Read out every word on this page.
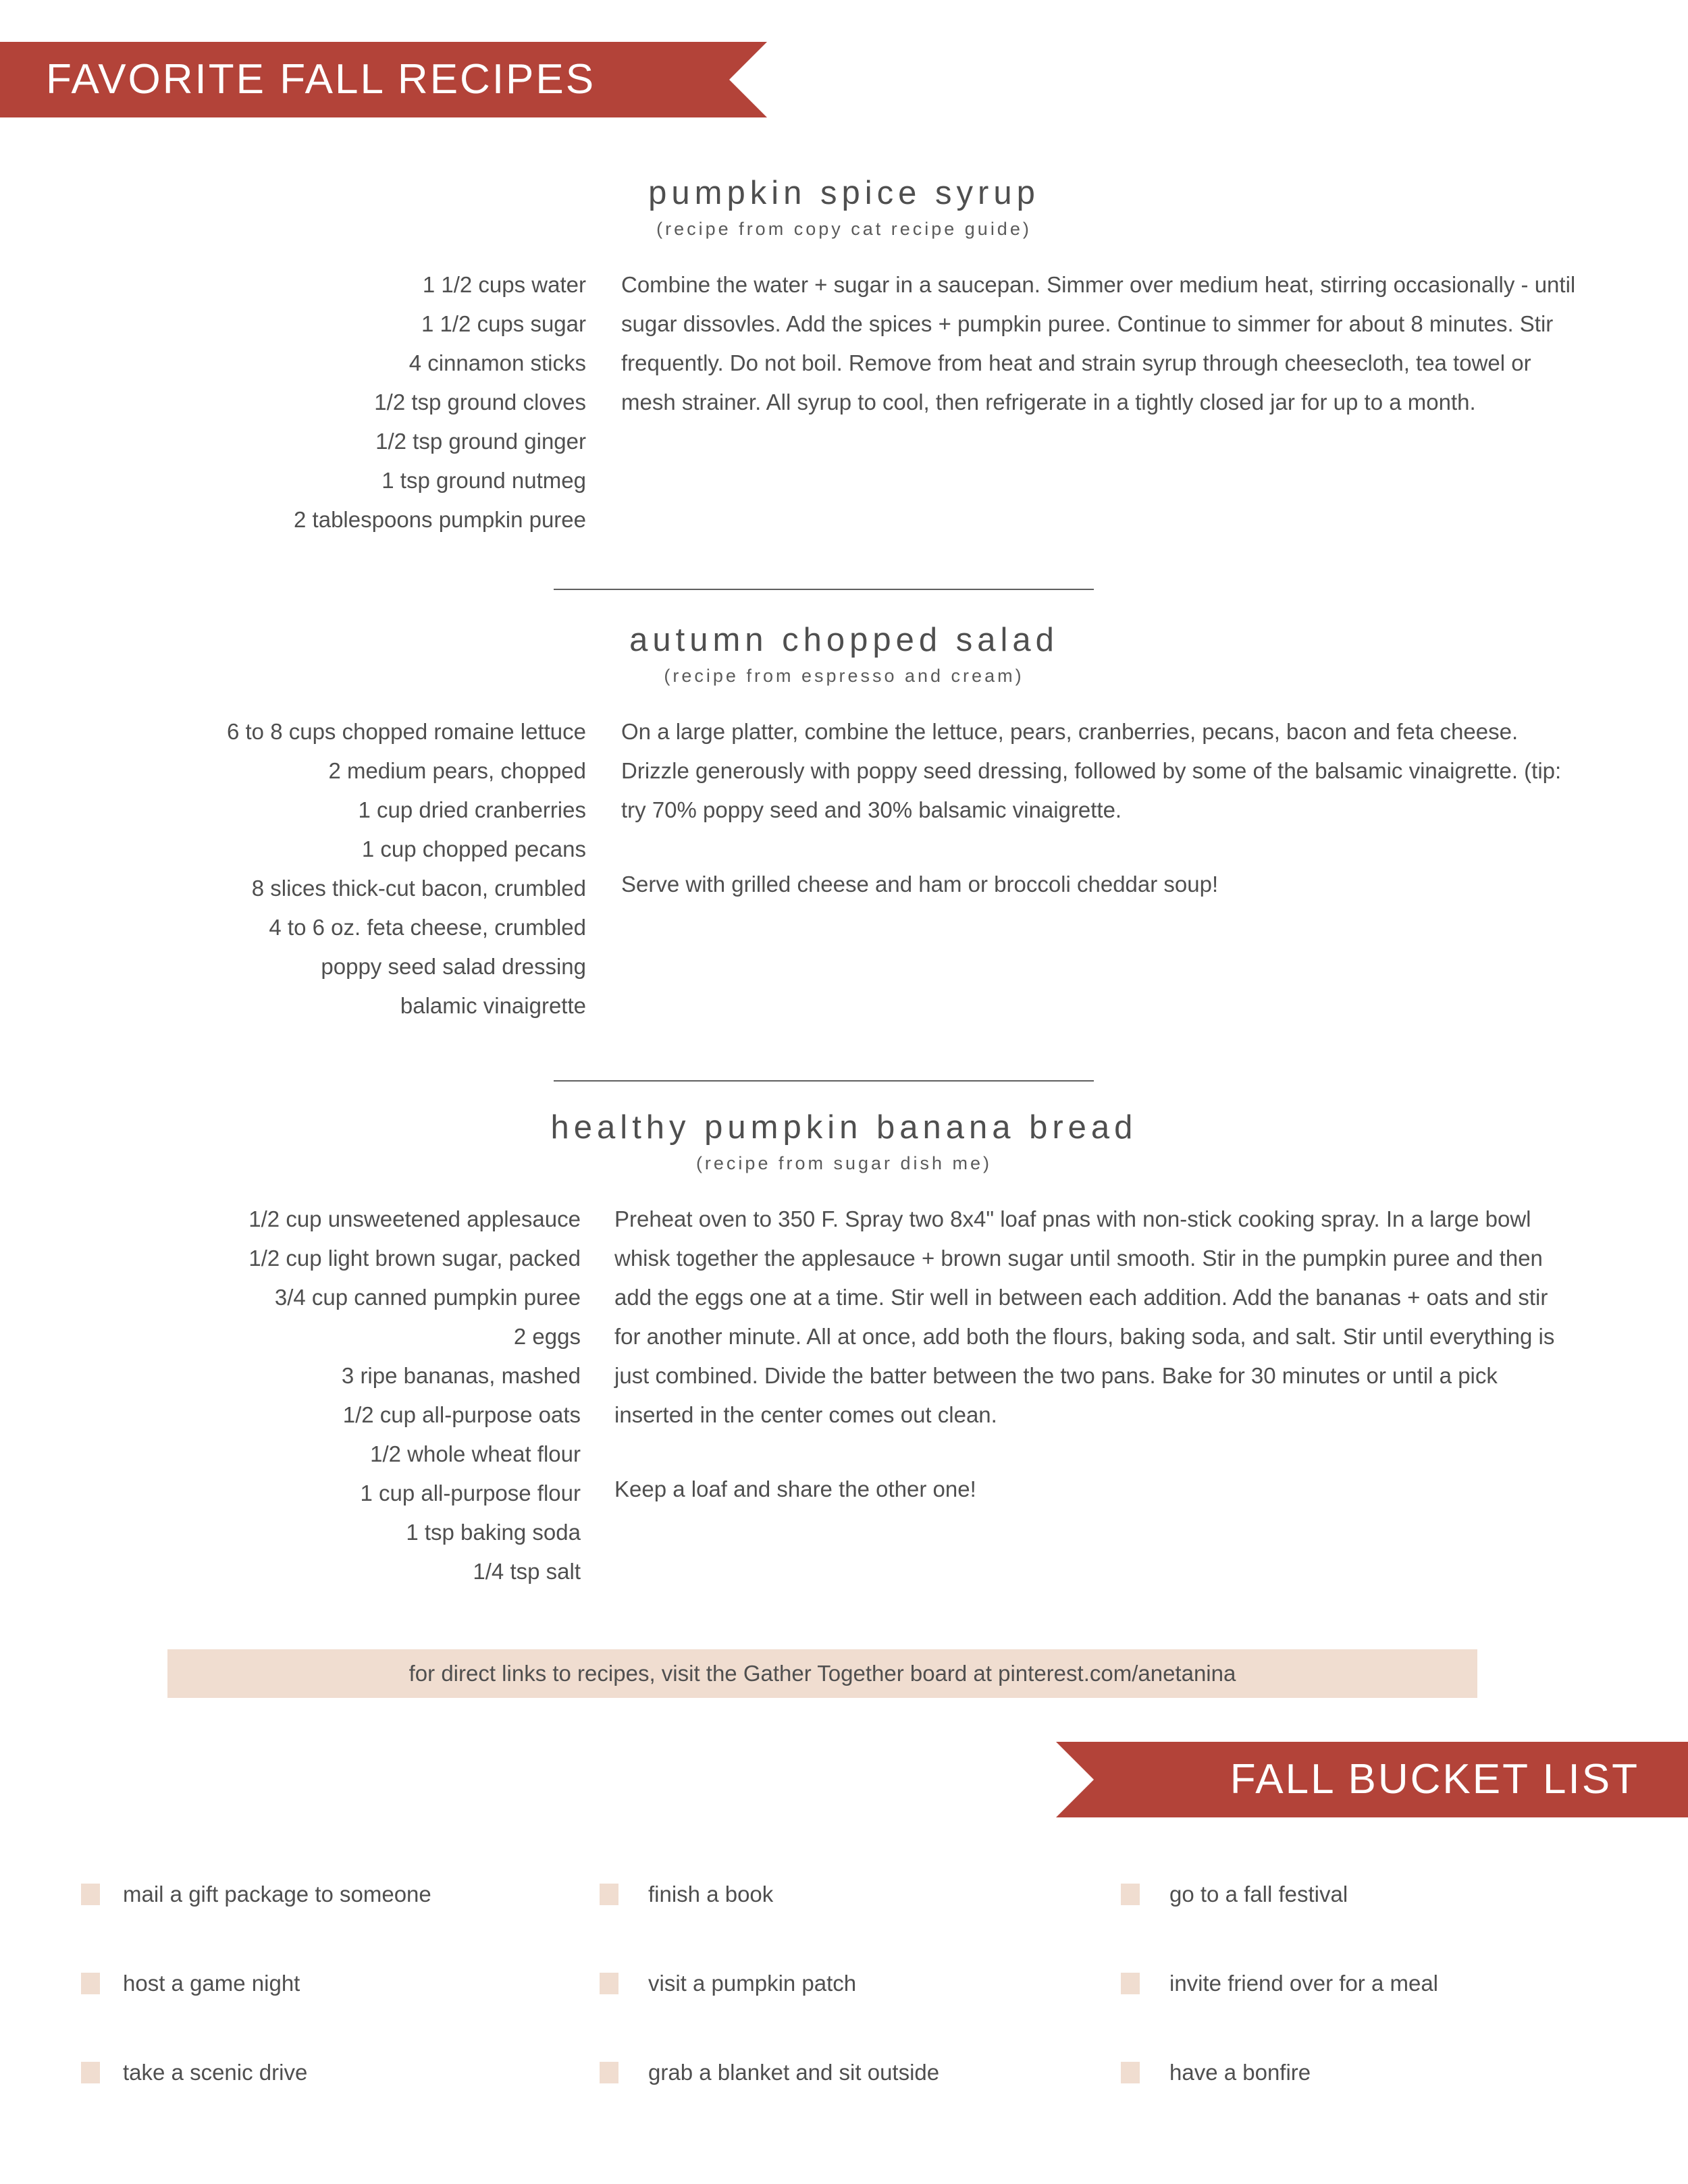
FAVORITE FALL RECIPES
pumpkin spice syrup
(recipe from copy cat recipe guide)
1 1/2 cups water
1 1/2 cups sugar
4 cinnamon sticks
1/2 tsp ground cloves
1/2 tsp ground ginger
1 tsp ground nutmeg
2 tablespoons pumpkin puree

Combine the water + sugar in a saucepan. Simmer over medium heat, stirring occasionally - until sugar dissovles. Add the spices + pumpkin puree. Continue to simmer for about 8 minutes. Stir frequently. Do not boil. Remove from heat and strain syrup through cheesecloth, tea towel or mesh strainer. All syrup to cool, then refrigerate in a tightly closed jar for up to a month.

autumn chopped salad
(recipe from espresso and cream)
6 to 8 cups chopped romaine lettuce
2 medium pears, chopped
1 cup dried cranberries
1 cup chopped pecans
8 slices thick-cut bacon, crumbled
4 to 6 oz. feta cheese, crumbled
poppy seed salad dressing
balamic vinaigrette

On a large platter, combine the lettuce, pears, cranberries, pecans, bacon and feta cheese. Drizzle generously with poppy seed dressing, followed by some of the balsamic vinaigrette. (tip: try 70% poppy seed and 30% balsamic vinaigrette.

Serve with grilled cheese and ham or broccoli cheddar soup!

healthy pumpkin banana bread
(recipe from sugar dish me)
1/2 cup unsweetened applesauce
1/2 cup light brown sugar, packed
3/4 cup canned pumpkin puree
2 eggs
3 ripe bananas, mashed
1/2 cup all-purpose oats
1/2 whole wheat flour
1 cup all-purpose flour
1 tsp baking soda
1/4 tsp salt

Preheat oven to 350 F. Spray two 8x4" loaf pnas with non-stick cooking spray. In a large bowl whisk together the applesauce + brown sugar until smooth. Stir in the pumpkin puree and then add the eggs one at a time. Stir well in between each addition. Add the bananas + oats and stir for another minute. All at once, add both the flours, baking soda, and salt. Stir until everything is just combined. Divide the batter between the two pans. Bake for 30 minutes or until a pick inserted in the center comes out clean.

Keep a loaf and share the other one!

for direct links to recipes, visit the Gather Together board at pinterest.com/anetanina
FALL BUCKET LIST
mail a gift package to someone
host a game night
take a scenic drive
finish a book
visit a pumpkin patch
grab a blanket and sit outside
go to a fall festival
invite friend over for a meal
have a bonfire
